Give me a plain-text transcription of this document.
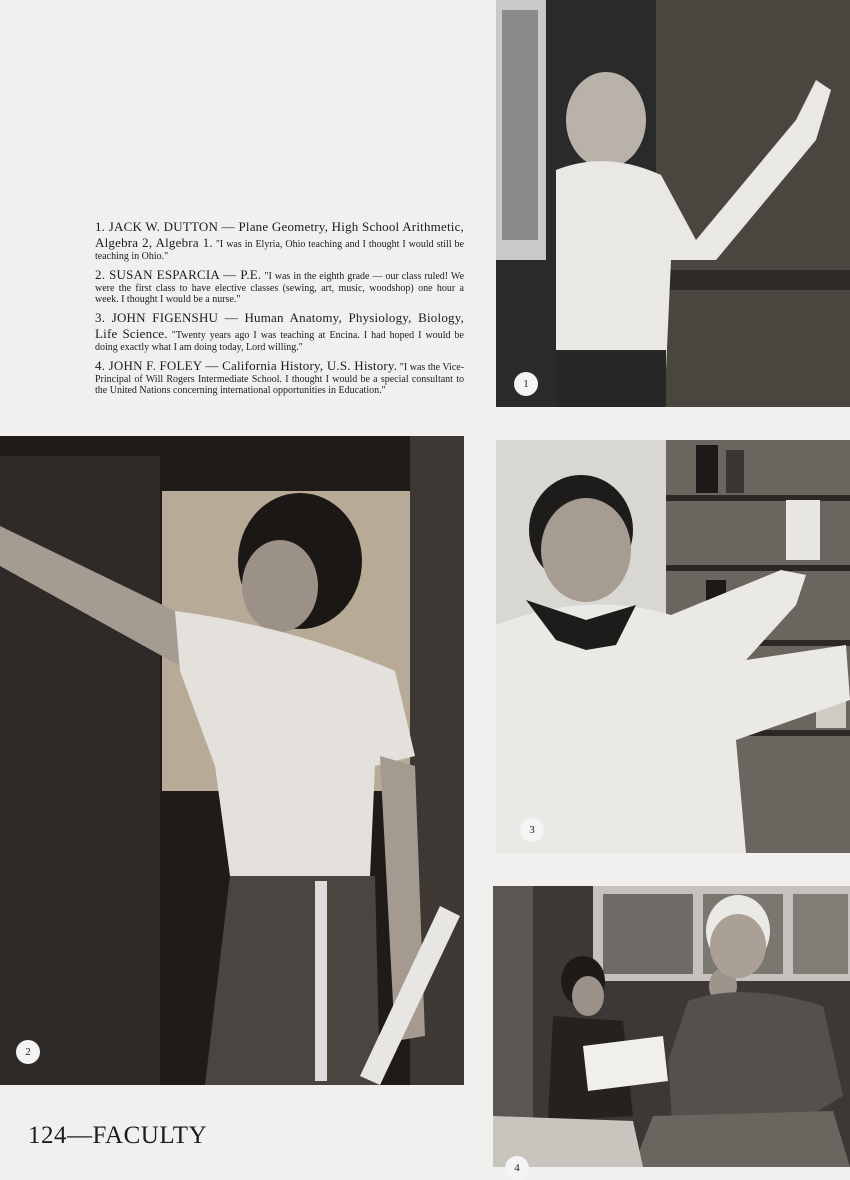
1
2
3
4

1. JACK W. DUTTON — Plane Geometry, High School Arithmetic, Algebra 2, Algebra 1. "I was in Elyria, Ohio teaching and I thought I would still be teaching in Ohio."

2. SUSAN ESPARCIA — P.E. "I was in the eighth grade — our class ruled! We were the first class to have elective classes (sewing, art, music, woodshop) one hour a week. I thought I would be a nurse."

3. JOHN FIGENSHU — Human Anatomy, Physiology, Biology, Life Science. "Twenty years ago I was teaching at Encina. I had hoped I would be doing exactly what I am doing today, Lord willing."

4. JOHN F. FOLEY — California History, U.S. History. "I was the Vice-Principal of Will Rogers Intermediate School. I thought I would be a special consultant to the United Nations concerning international opportunities in Education."

124—FACULTY
